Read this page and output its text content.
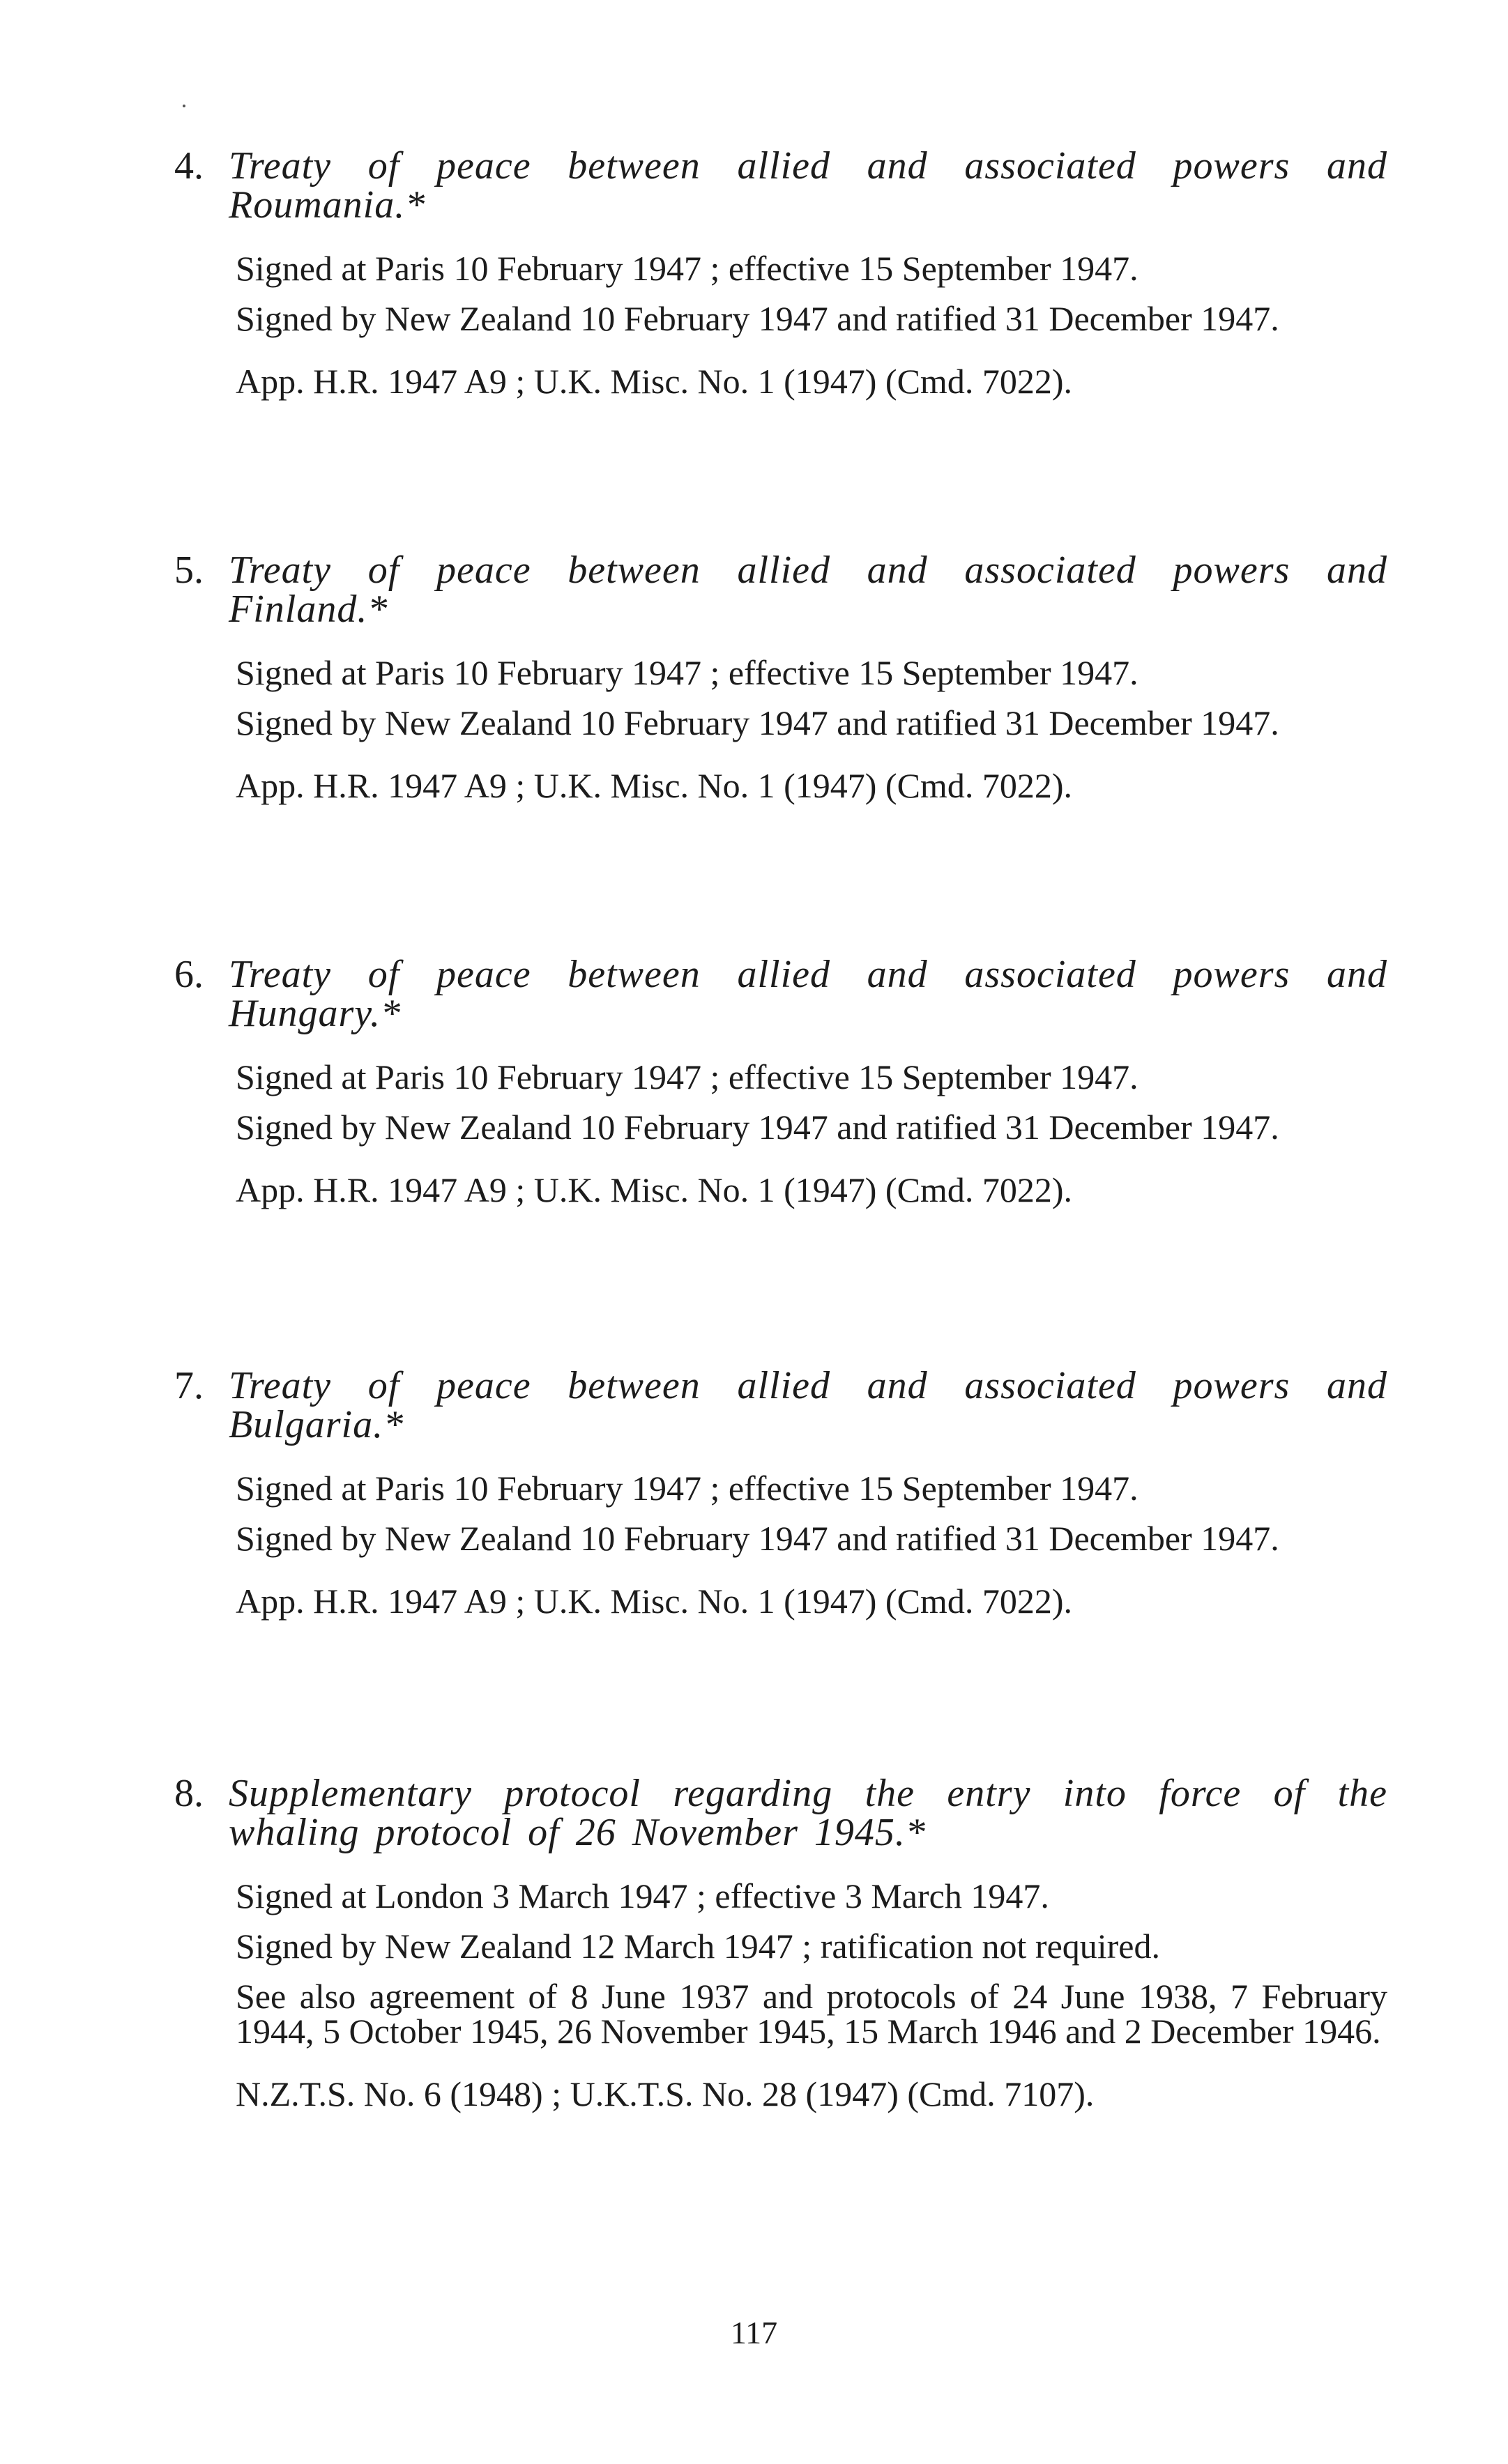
4. Treaty of peace between allied and associated powers and Roumania.*

Signed at Paris 10 February 1947 ; effective 15 September 1947.

Signed by New Zealand 10 February 1947 and ratified 31 December 1947.

App. H.R. 1947 A9 ; U.K. Misc. No. 1 (1947) (Cmd. 7022).

5. Treaty of peace between allied and associated powers and Finland.*

Signed at Paris 10 February 1947 ; effective 15 September 1947.

Signed by New Zealand 10 February 1947 and ratified 31 December 1947.

App. H.R. 1947 A9 ; U.K. Misc. No. 1 (1947) (Cmd. 7022).

6. Treaty of peace between allied and associated powers and Hungary.*

Signed at Paris 10 February 1947 ; effective 15 September 1947.

Signed by New Zealand 10 February 1947 and ratified 31 December 1947.

App. H.R. 1947 A9 ; U.K. Misc. No. 1 (1947) (Cmd. 7022).

7. Treaty of peace between allied and associated powers and Bulgaria.*

Signed at Paris 10 February 1947 ; effective 15 September 1947.

Signed by New Zealand 10 February 1947 and ratified 31 December 1947.

App. H.R. 1947 A9 ; U.K. Misc. No. 1 (1947) (Cmd. 7022).

8. Supplementary protocol regarding the entry into force of the whaling protocol of 26 November 1945.*

Signed at London 3 March 1947 ; effective 3 March 1947.

Signed by New Zealand 12 March 1947 ; ratification not required.

See also agreement of 8 June 1937 and protocols of 24 June 1938, 7 February 1944, 5 October 1945, 26 November 1945, 15 March 1946 and 2 December 1946.

N.Z.T.S. No. 6 (1948) ; U.K.T.S. No. 28 (1947) (Cmd. 7107).

117
